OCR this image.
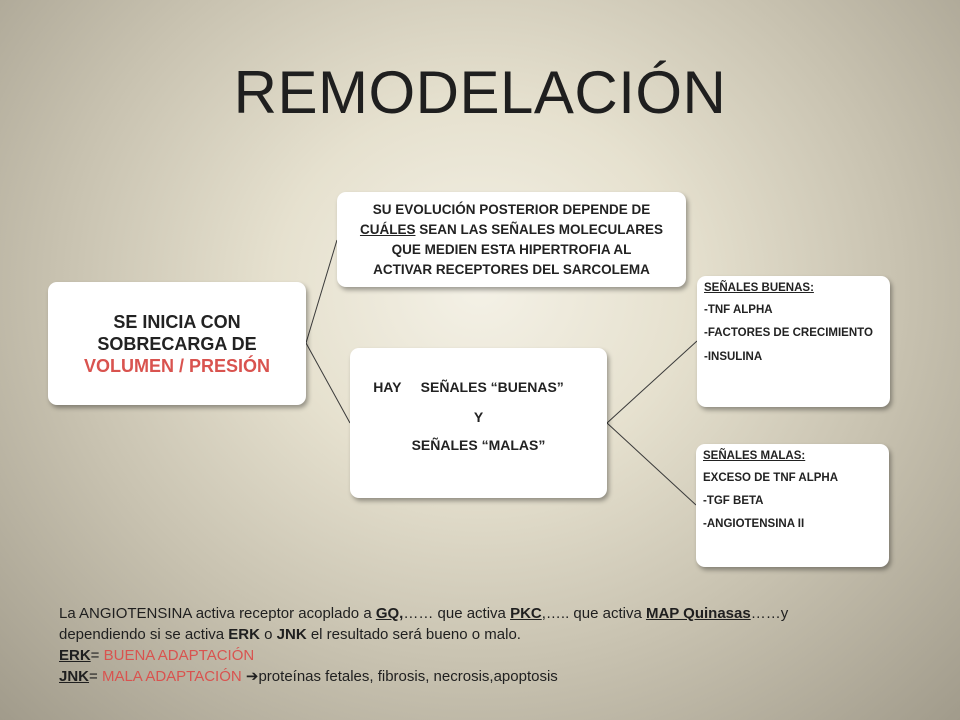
REMODELACIÓN
SE INICIA CON
SOBRECARGA DE
VOLUMEN / PRESIÓN
SU EVOLUCIÓN POSTERIOR DEPENDE DE
CUÁLES SEAN LAS SEÑALES MOLECULARES
QUE MEDIEN ESTA HIPERTROFIA AL
ACTIVAR RECEPTORES DEL SARCOLEMA
HAY     SEÑALES “BUENAS”
Y
SEÑALES “MALAS”
SEÑALES BUENAS:
-TNF ALPHA
-FACTORES DE CRECIMIENTO
-INSULINA
SEÑALES MALAS:
EXCESO DE TNF ALPHA
-TGF BETA
-ANGIOTENSINA II
La ANGIOTENSINA activa receptor acoplado a GQ,…… que activa PKC,….. que activa MAP Quinasas……y
dependiendo si se activa ERK o JNK el resultado será bueno o malo.
ERK= BUENA ADAPTACIÓN
JNK= MALA ADAPTACIÓN ➔proteínas fetales, fibrosis, necrosis,apoptosis
